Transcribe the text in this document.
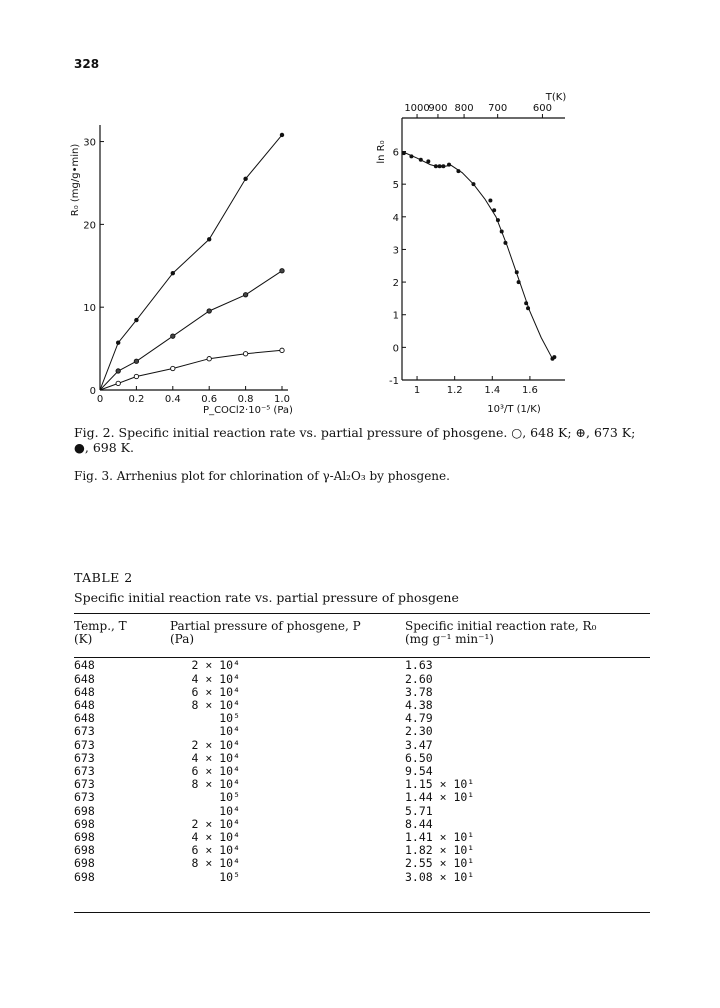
328
0	0.2 0.4 0.6 0.8 1.0
0
10
20
30
R₀ (mg/g•min)
P_COCl2·10⁻⁵ (Pa)
1	1.2 1.4 1.6
-1
0
1
2
3
4
5
6
1000
900 800 700	600
ln R₀
10³/T (1/K)
T(K)
Fig. 2. Specific initial reaction rate vs. partial pressure of phosgene. ○, 648 K; ⊕, 673 K; ●, 698 K.
Fig. 3. Arrhenius plot for chlorination of γ-Al₂O₃ by phosgene.
TABLE 2
Specific initial reaction rate vs. partial pressure of phosgene
Temp., T
(K)	Partial pressure of phosgene, P
(Pa)	Specific initial reaction rate, R₀
(mg g⁻¹ min⁻¹)

648	2 × 10⁴	1.63
648	4 × 10⁴	2.60
648	6 × 10⁴	3.78
648	8 × 10⁴	4.38
648	10⁵	4.79
673	10⁴	2.30
673	2 × 10⁴	3.47
673	4 × 10⁴	6.50
673	6 × 10⁴	9.54
673	8 × 10⁴	1.15 × 10¹
673	10⁵	1.44 × 10¹
698	10⁴	5.71
698	2 × 10⁴	8.44
698	4 × 10⁴	1.41 × 10¹
698	6 × 10⁴	1.82 × 10¹
698	8 × 10⁴	2.55 × 10¹
698	10⁵	3.08 × 10¹
